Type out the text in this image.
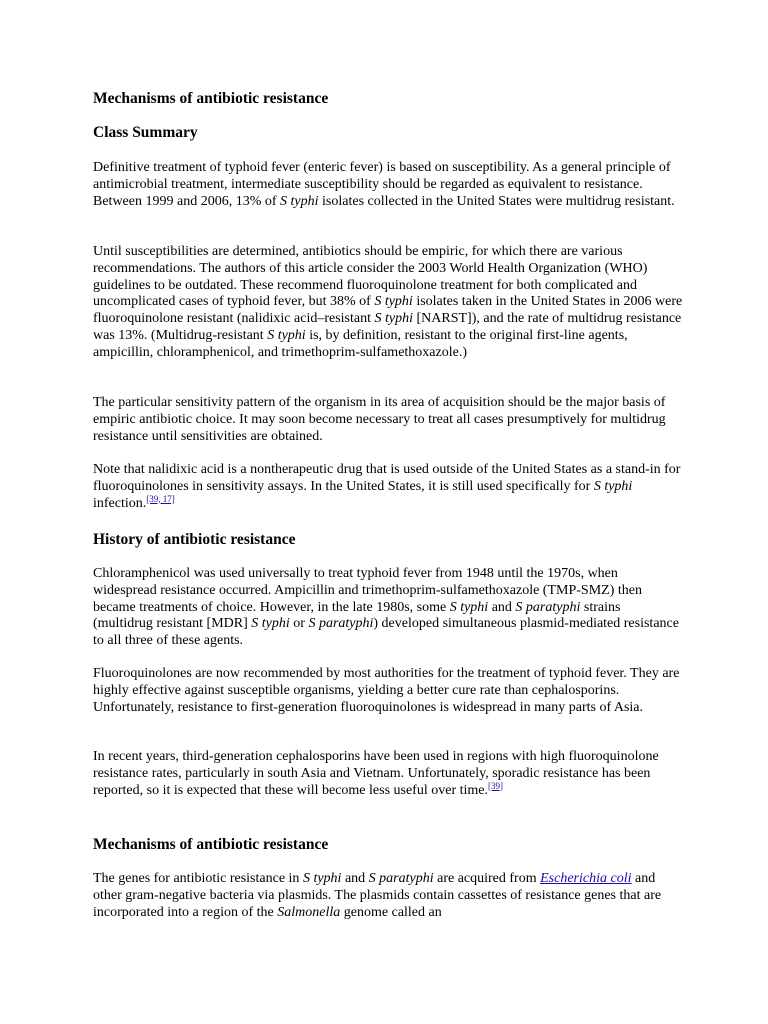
Mechanisms of antibiotic resistance
Class Summary

Definitive treatment of typhoid fever (enteric fever) is based on susceptibility. As a general principle of antimicrobial treatment, intermediate susceptibility should be regarded as equivalent to resistance. Between 1999 and 2006, 13% of S typhi isolates collected in the United States were multidrug resistant.

Until susceptibilities are determined, antibiotics should be empiric, for which there are various recommendations. The authors of this article consider the 2003 World Health Organization (WHO) guidelines to be outdated. These recommend fluoroquinolone treatment for both complicated and uncomplicated cases of typhoid fever, but 38% of S typhi isolates taken in the United States in 2006 were fluoroquinolone resistant (nalidixic acid–resistant S typhi [NARST]), and the rate of multidrug resistance was 13%. (Multidrug-resistant S typhi is, by definition, resistant to the original first-line agents, ampicillin, chloramphenicol, and trimethoprim-sulfamethoxazole.)

The particular sensitivity pattern of the organism in its area of acquisition should be the major basis of empiric antibiotic choice. It may soon become necessary to treat all cases presumptively for multidrug resistance until sensitivities are obtained.

Note that nalidixic acid is a nontherapeutic drug that is used outside of the United States as a stand-in for fluoroquinolones in sensitivity assays. In the United States, it is still used specifically for S typhi infection.[39, 17]

History of antibiotic resistance

Chloramphenicol was used universally to treat typhoid fever from 1948 until the 1970s, when widespread resistance occurred. Ampicillin and trimethoprim-sulfamethoxazole (TMP-SMZ) then became treatments of choice. However, in the late 1980s, some S typhi and S paratyphi strains (multidrug resistant [MDR] S typhi or S paratyphi) developed simultaneous plasmid-mediated resistance to all three of these agents.

Fluoroquinolones are now recommended by most authorities for the treatment of typhoid fever. They are highly effective against susceptible organisms, yielding a better cure rate than cephalosporins. Unfortunately, resistance to first-generation fluoroquinolones is widespread in many parts of Asia.

In recent years, third-generation cephalosporins have been used in regions with high fluoroquinolone resistance rates, particularly in south Asia and Vietnam. Unfortunately, sporadic resistance has been reported, so it is expected that these will become less useful over time.[39]

Mechanisms of antibiotic resistance

The genes for antibiotic resistance in S typhi and S paratyphi are acquired from Escherichia coli and other gram-negative bacteria via plasmids. The plasmids contain cassettes of resistance genes that are incorporated into a region of the Salmonella genome called an
